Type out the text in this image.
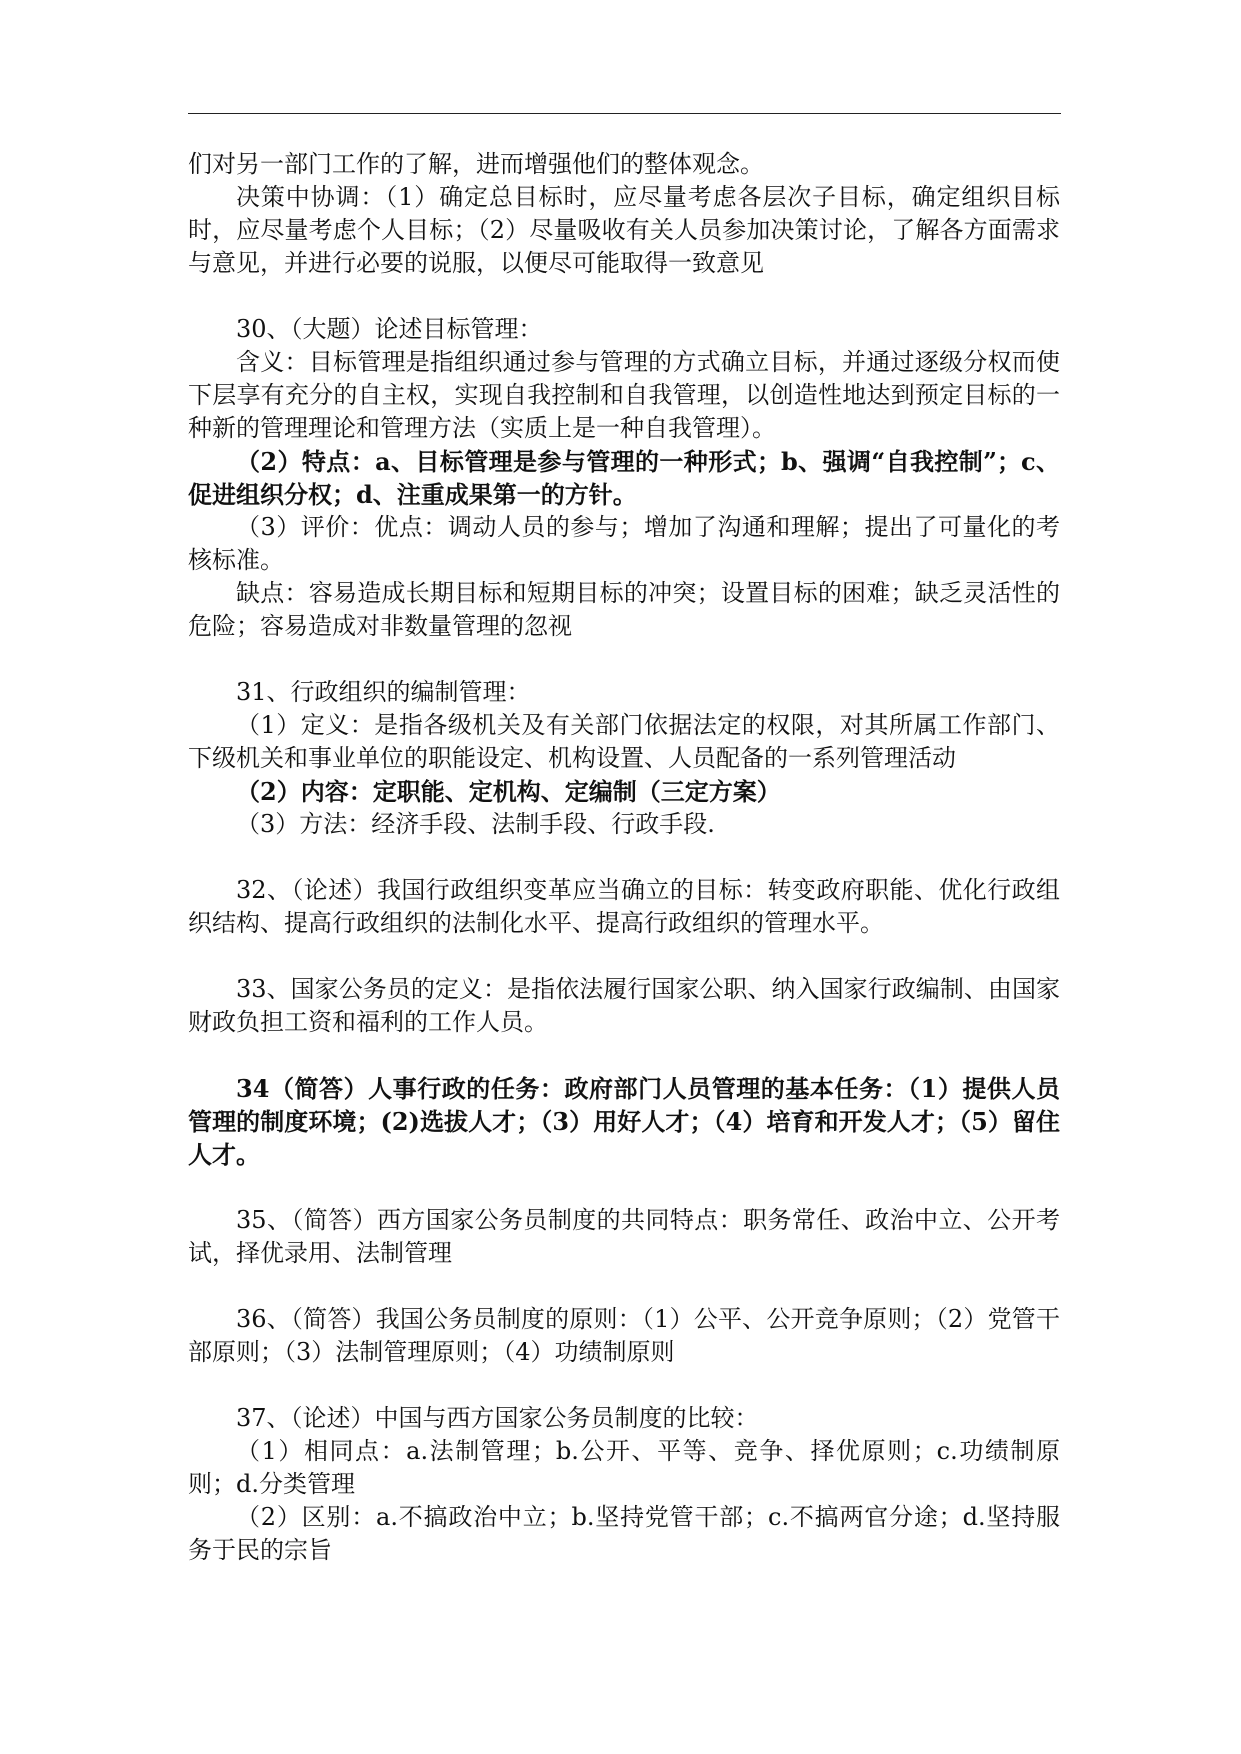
们对另一部门工作的了解，进而增强他们的整体观念。

决策中协调：（1）确定总目标时，应尽量考虑各层次子目标，确定组织目标时，应尽量考虑个人目标；（2）尽量吸收有关人员参加决策讨论，了解各方面需求与意见，并进行必要的说服，以便尽可能取得一致意见

30、（大题）论述目标管理：

含义：目标管理是指组织通过参与管理的方式确立目标，并通过逐级分权而使下层享有充分的自主权，实现自我控制和自我管理，以创造性地达到预定目标的一种新的管理理论和管理方法（实质上是一种自我管理）。

（2）特点：a、目标管理是参与管理的一种形式；b、强调“自我控制”；c、促进组织分权；d、注重成果第一的方针。

（3）评价：优点：调动人员的参与；增加了沟通和理解；提出了可量化的考核标准。

缺点：容易造成长期目标和短期目标的冲突；设置目标的困难；缺乏灵活性的危险；容易造成对非数量管理的忽视

31、行政组织的编制管理：

（1）定义：是指各级机关及有关部门依据法定的权限，对其所属工作部门、下级机关和事业单位的职能设定、机构设置、人员配备的一系列管理活动

（2）内容：定职能、定机构、定编制（三定方案）

（3）方法：经济手段、法制手段、行政手段.

32、（论述）我国行政组织变革应当确立的目标：转变政府职能、优化行政组织结构、提高行政组织的法制化水平、提高行政组织的管理水平。

33、国家公务员的定义：是指依法履行国家公职、纳入国家行政编制、由国家财政负担工资和福利的工作人员。

34（简答）人事行政的任务：政府部门人员管理的基本任务：（1）提供人员管理的制度环境；(2)选拔人才；（3）用好人才；（4）培育和开发人才；（5）留住人才。

35、（简答）西方国家公务员制度的共同特点：职务常任、政治中立、公开考试，择优录用、法制管理

36、（简答）我国公务员制度的原则：（1）公平、公开竞争原则；（2）党管干部原则；（3）法制管理原则；（4）功绩制原则

37、（论述）中国与西方国家公务员制度的比较：

（1）相同点：a.法制管理；b.公开、平等、竞争、择优原则；c.功绩制原则；d.分类管理

（2）区别：a.不搞政治中立；b.坚持党管干部；c.不搞两官分途；d.坚持服务于民的宗旨
